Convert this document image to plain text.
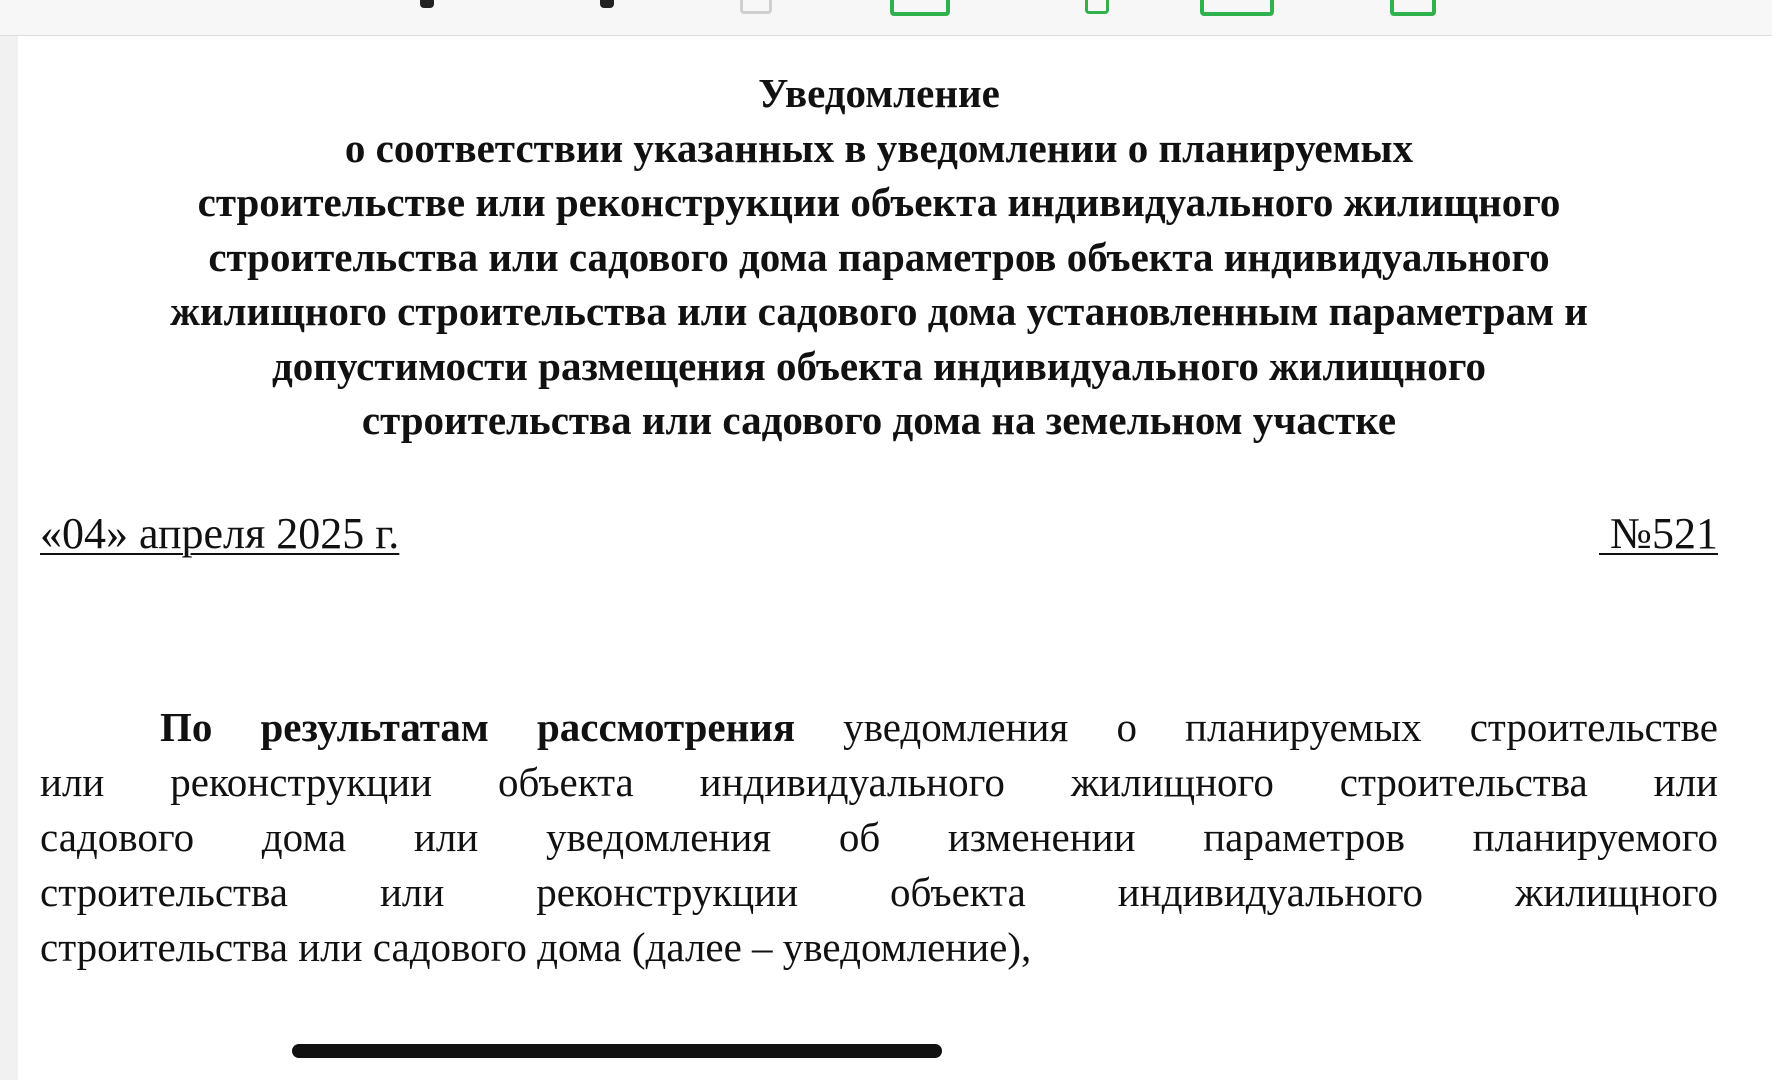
Уведомление
о соответствии указанных в уведомлении о планируемых
строительстве или реконструкции объекта индивидуального жилищного
строительства или садового дома параметров объекта индивидуального
жилищного строительства или садового дома установленным параметрам и
допустимости размещения объекта индивидуального жилищного
строительства или садового дома на земельном участке
«04» апреля 2025 г.	№521
По результатам рассмотрения уведомления о планируемых строительстве
или реконструкции объекта индивидуального жилищного строительства или
садового дома или уведомления об изменении параметров планируемого
строительства или реконструкции объекта индивидуального жилищного
строительства или садового дома (далее – уведомление),
